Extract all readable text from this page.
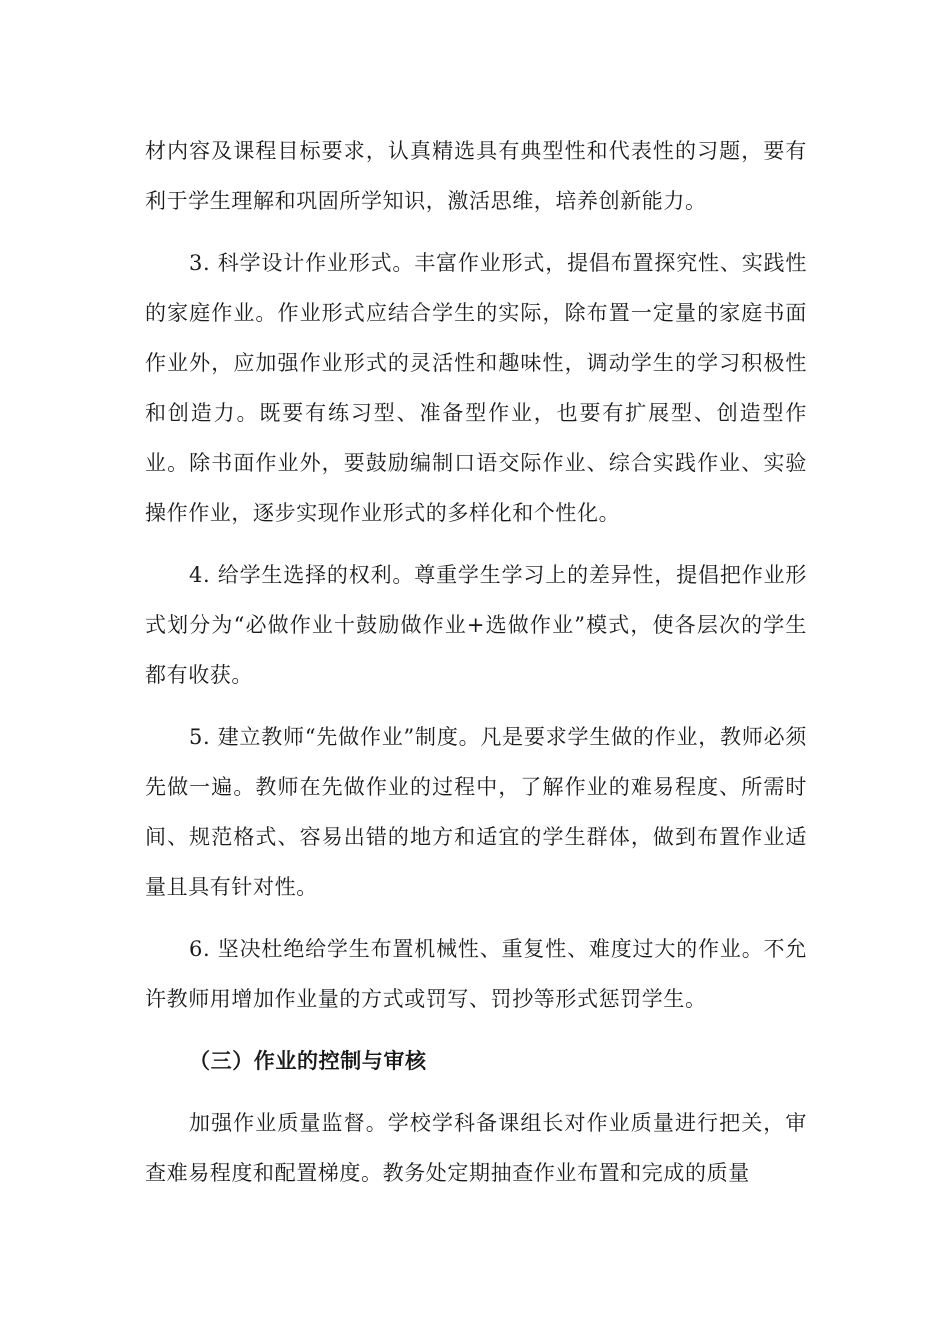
材内容及课程目标要求，认真精选具有典型性和代表性的习题，要有利于学生理解和巩固所学知识，激活思维，培养创新能力。

3. 科学设计作业形式。丰富作业形式，提倡布置探究性、实践性的家庭作业。作业形式应结合学生的实际，除布置一定量的家庭书面作业外，应加强作业形式的灵活性和趣味性，调动学生的学习积极性和创造力。既要有练习型、准备型作业，也要有扩展型、创造型作业。除书面作业外，要鼓励编制口语交际作业、综合实践作业、实验操作作业，逐步实现作业形式的多样化和个性化。

4. 给学生选择的权利。尊重学生学习上的差异性，提倡把作业形式划分为“必做作业十鼓励做作业+选做作业”模式，使各层次的学生都有收获。

5. 建立教师“先做作业”制度。凡是要求学生做的作业，教师必须先做一遍。教师在先做作业的过程中，了解作业的难易程度、所需时间、规范格式、容易出错的地方和适宜的学生群体，做到布置作业适量且具有针对性。

6. 坚决杜绝给学生布置机械性、重复性、难度过大的作业。不允许教师用增加作业量的方式或罚写、罚抄等形式惩罚学生。

（三）作业的控制与审核

加强作业质量监督。学校学科备课组长对作业质量进行把关，审查难易程度和配置梯度。教务处定期抽查作业布置和完成的质量
